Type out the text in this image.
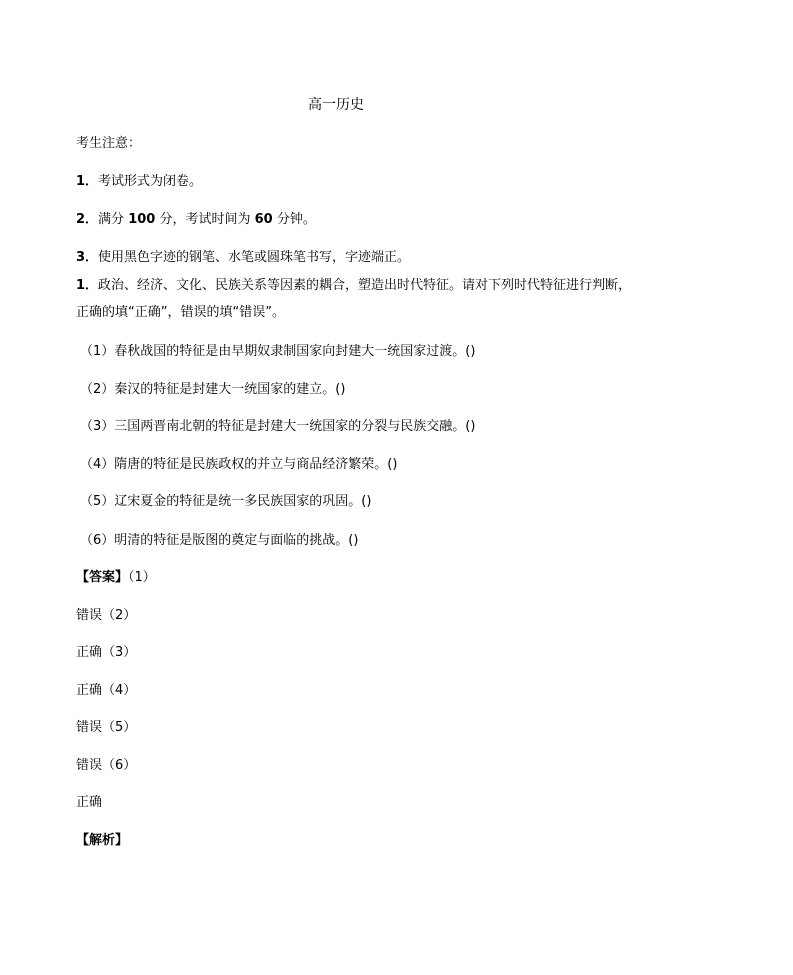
高一历史
考生注意：
1．考试形式为闭卷。
2．满分 100 分，考试时间为 60 分钟。
3．使用黑色字迹的钢笔、水笔或圆珠笔书写，字迹端正。
1．政治、经济、文化、民族关系等因素的耦合，塑造出时代特征。请对下列时代特征进行判断，
正确的填“正确”，错误的填“错误”。
（1）春秋战国的特征是由早期奴隶制国家向封建大一统国家过渡。()
（2）秦汉的特征是封建大一统国家的建立。()
（3）三国两晋南北朝的特征是封建大一统国家的分裂与民族交融。()
（4）隋唐的特征是民族政权的并立与商品经济繁荣。()
（5）辽宋夏金的特征是统一多民族国家的巩固。()
（6）明清的特征是版图的奠定与面临的挑战。()
【答案】（1）
错误（2）
正确（3）
正确（4）
错误（5）
错误（6）
正确
【解析】
